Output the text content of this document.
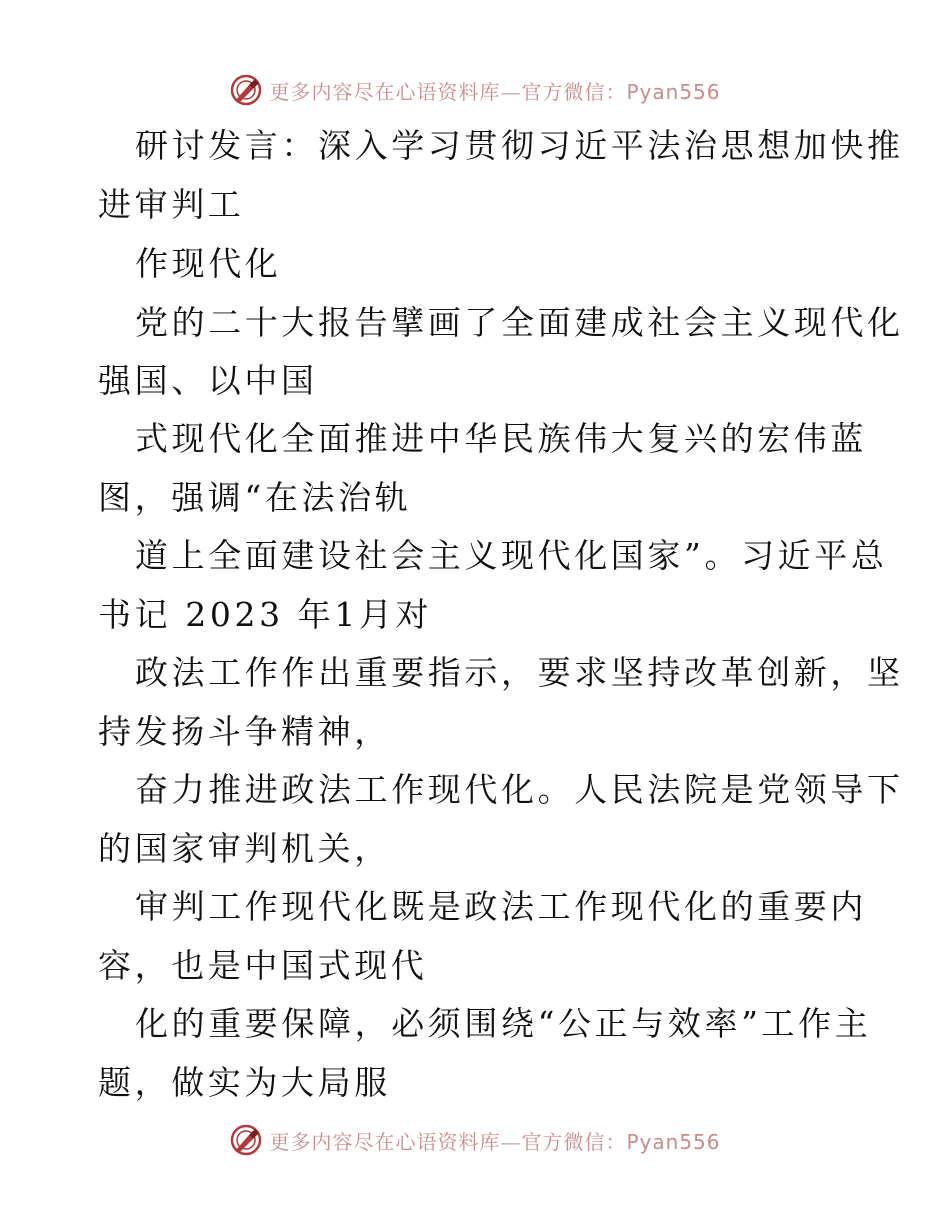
更多内容尽在心语资料库—官方微信：Pyan556
研讨发言：深入学习贯彻习近平法治思想加快推
进审判工
作现代化
党的二十大报告擘画了全面建成社会主义现代化
强国、以中国
式现代化全面推进中华民族伟大复兴的宏伟蓝
图，强调“在法治轨
道上全面建设社会主义现代化国家”。习近平总
书记 2023 年1月对
政法工作作出重要指示，要求坚持改革创新，坚
持发扬斗争精神，
奋力推进政法工作现代化。人民法院是党领导下
的国家审判机关，
审判工作现代化既是政法工作现代化的重要内
容，也是中国式现代
化的重要保障，必须围绕“公正与效率”工作主
题，做实为大局服
更多内容尽在心语资料库—官方微信：Pyan556
